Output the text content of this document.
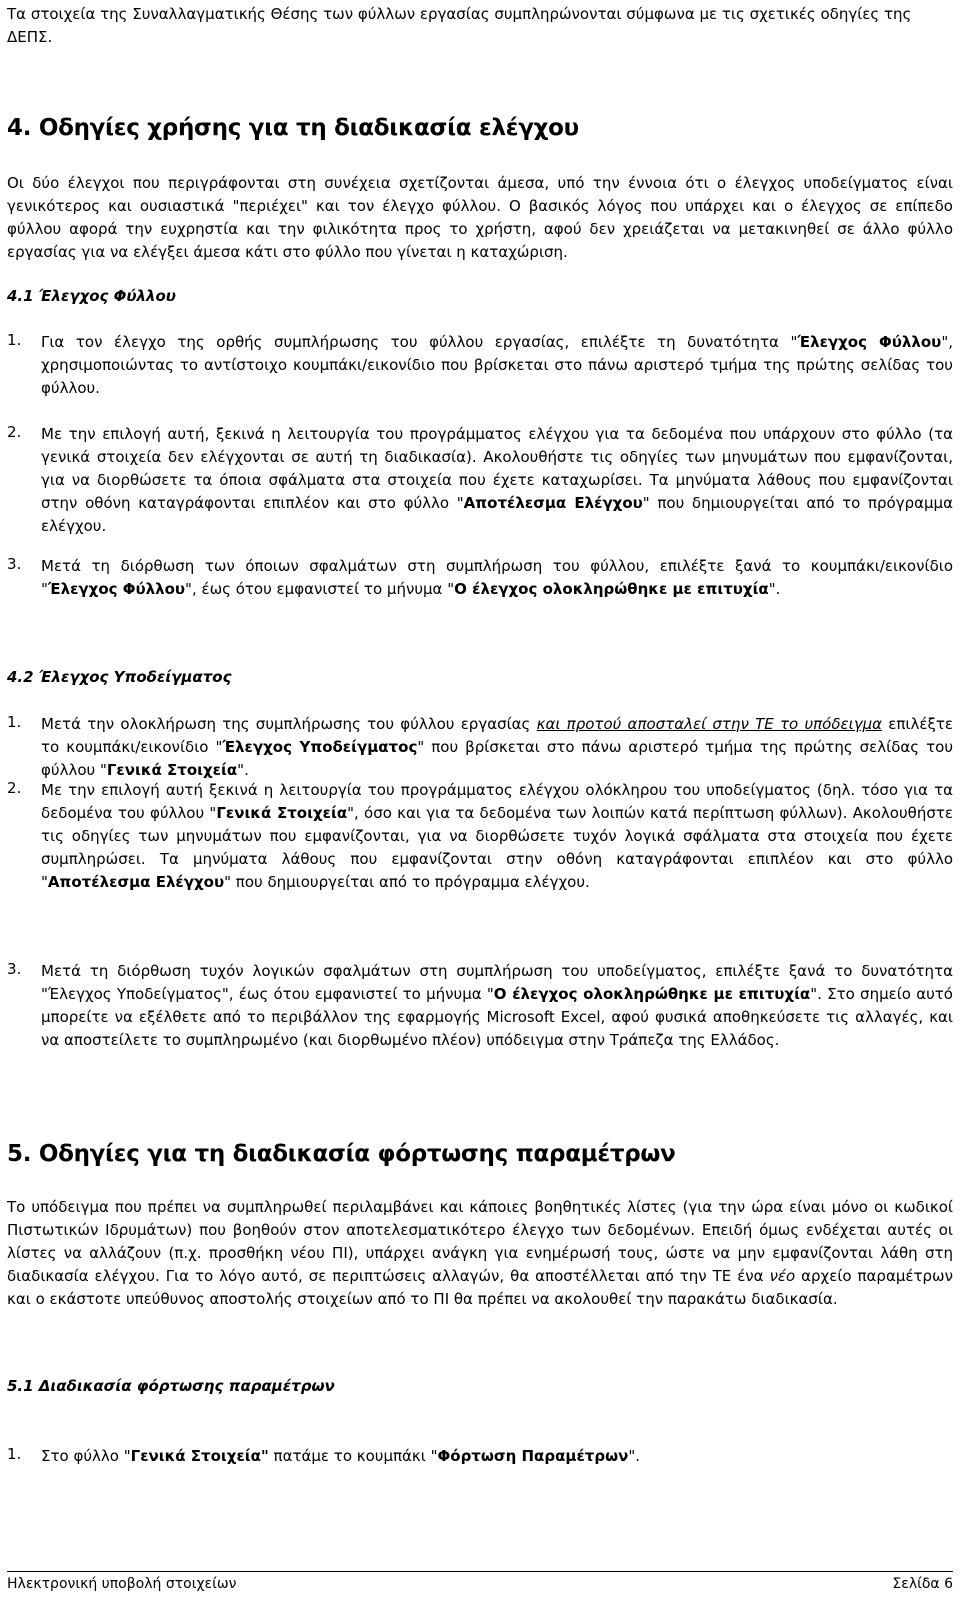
Τα στοιχεία της Συναλλαγματικής Θέσης των φύλλων εργασίας συμπληρώνονται σύμφωνα με τις σχετικές οδηγίες της ΔΕΠΣ.

4. Οδηγίες χρήσης για τη διαδικασία ελέγχου

Οι δύο έλεγχοι που περιγράφονται στη συνέχεια σχετίζονται άμεσα, υπό την έννοια ότι ο έλεγχος υποδείγματος είναι γενικότερος και ουσιαστικά "περιέχει" και τον έλεγχο φύλλου. Ο βασικός λόγος που υπάρχει και ο έλεγχος σε επίπεδο φύλλου αφορά την ευχρηστία και την φιλικότητα προς το χρήστη, αφού δεν χρειάζεται να μετακινηθεί σε άλλο φύλλο εργασίας για να ελέγξει άμεσα κάτι στο φύλλο που γίνεται η καταχώριση.

4.1 Έλεγχος Φύλλου
1. Για τον έλεγχο της ορθής συμπλήρωσης του φύλλου εργασίας, επιλέξτε τη δυνατότητα "Έλεγχος Φύλλου", χρησιμοποιώντας το αντίστοιχο κουμπάκι/εικονίδιο που βρίσκεται στο πάνω αριστερό τμήμα της πρώτης σελίδας του φύλλου.

2. Με την επιλογή αυτή, ξεκινά η λειτουργία του προγράμματος ελέγχου για τα δεδομένα που υπάρχουν στο φύλλο (τα γενικά στοιχεία δεν ελέγχονται σε αυτή τη διαδικασία). Ακολουθήστε τις οδηγίες των μηνυμάτων που εμφανίζονται, για να διορθώσετε τα όποια σφάλματα στα στοιχεία που έχετε καταχωρίσει. Τα μηνύματα λάθους που εμφανίζονται στην οθόνη καταγράφονται επιπλέον και στο φύλλο "Αποτέλεσμα Ελέγχου" που δημιουργείται από το πρόγραμμα ελέγχου.

3. Μετά τη διόρθωση των όποιων σφαλμάτων στη συμπλήρωση του φύλλου, επιλέξτε ξανά το κουμπάκι/εικονίδιο "Έλεγχος Φύλλου", έως ότου εμφανιστεί το μήνυμα "Ο έλεγχος ολοκληρώθηκε με επιτυχία".

4.2 Έλεγχος Υποδείγματος
1. Μετά την ολοκλήρωση της συμπλήρωσης του φύλλου εργασίας και προτού αποσταλεί στην ΤΕ το υπόδειγμα επιλέξτε το κουμπάκι/εικονίδιο "Έλεγχος Υποδείγματος" που βρίσκεται στο πάνω αριστερό τμήμα της πρώτης σελίδας του φύλλου "Γενικά Στοιχεία".

2. Με την επιλογή αυτή ξεκινά η λειτουργία του προγράμματος ελέγχου ολόκληρου του υποδείγματος (δηλ. τόσο για τα δεδομένα του φύλλου "Γενικά Στοιχεία", όσο και για τα δεδομένα των λοιπών κατά περίπτωση φύλλων). Ακολουθήστε τις οδηγίες των μηνυμάτων που εμφανίζονται, για να διορθώσετε τυχόν λογικά σφάλματα στα στοιχεία που έχετε συμπληρώσει. Τα μηνύματα λάθους που εμφανίζονται στην οθόνη καταγράφονται επιπλέον και στο φύλλο "Αποτέλεσμα Ελέγχου" που δημιουργείται από το πρόγραμμα ελέγχου.

3. Μετά τη διόρθωση τυχόν λογικών σφαλμάτων στη συμπλήρωση του υποδείγματος, επιλέξτε ξανά το δυνατότητα "Έλεγχος Υποδείγματος", έως ότου εμφανιστεί το μήνυμα "Ο έλεγχος ολοκληρώθηκε με επιτυχία". Στο σημείο αυτό μπορείτε να εξέλθετε από το περιβάλλον της εφαρμογής Microsoft Excel, αφού φυσικά αποθηκεύσετε τις αλλαγές, και να αποστείλετε το συμπληρωμένο (και διορθωμένο πλέον) υπόδειγμα στην Τράπεζα της Ελλάδος.

5. Οδηγίες για τη διαδικασία φόρτωσης παραμέτρων

Το υπόδειγμα που πρέπει να συμπληρωθεί περιλαμβάνει και κάποιες βοηθητικές λίστες (για την ώρα είναι μόνο οι κωδικοί Πιστωτικών Ιδρυμάτων) που βοηθούν στον αποτελεσματικότερο έλεγχο των δεδομένων. Επειδή όμως ενδέχεται αυτές οι λίστες να αλλάζουν (π.χ. προσθήκη νέου ΠΙ), υπάρχει ανάγκη για ενημέρωσή τους, ώστε να μην εμφανίζονται λάθη στη διαδικασία ελέγχου. Για το λόγο αυτό, σε περιπτώσεις αλλαγών, θα αποστέλλεται από την ΤΕ ένα νέο αρχείο παραμέτρων και ο εκάστοτε υπεύθυνος αποστολής στοιχείων από το ΠΙ θα πρέπει να ακολουθεί την παρακάτω διαδικασία.

5.1 Διαδικασία φόρτωσης παραμέτρων
1. Στο φύλλο "Γενικά Στοιχεία" πατάμε το κουμπάκι "Φόρτωση Παραμέτρων".

Ηλεκτρονική υποβολή στοιχείων	Σελίδα 6
